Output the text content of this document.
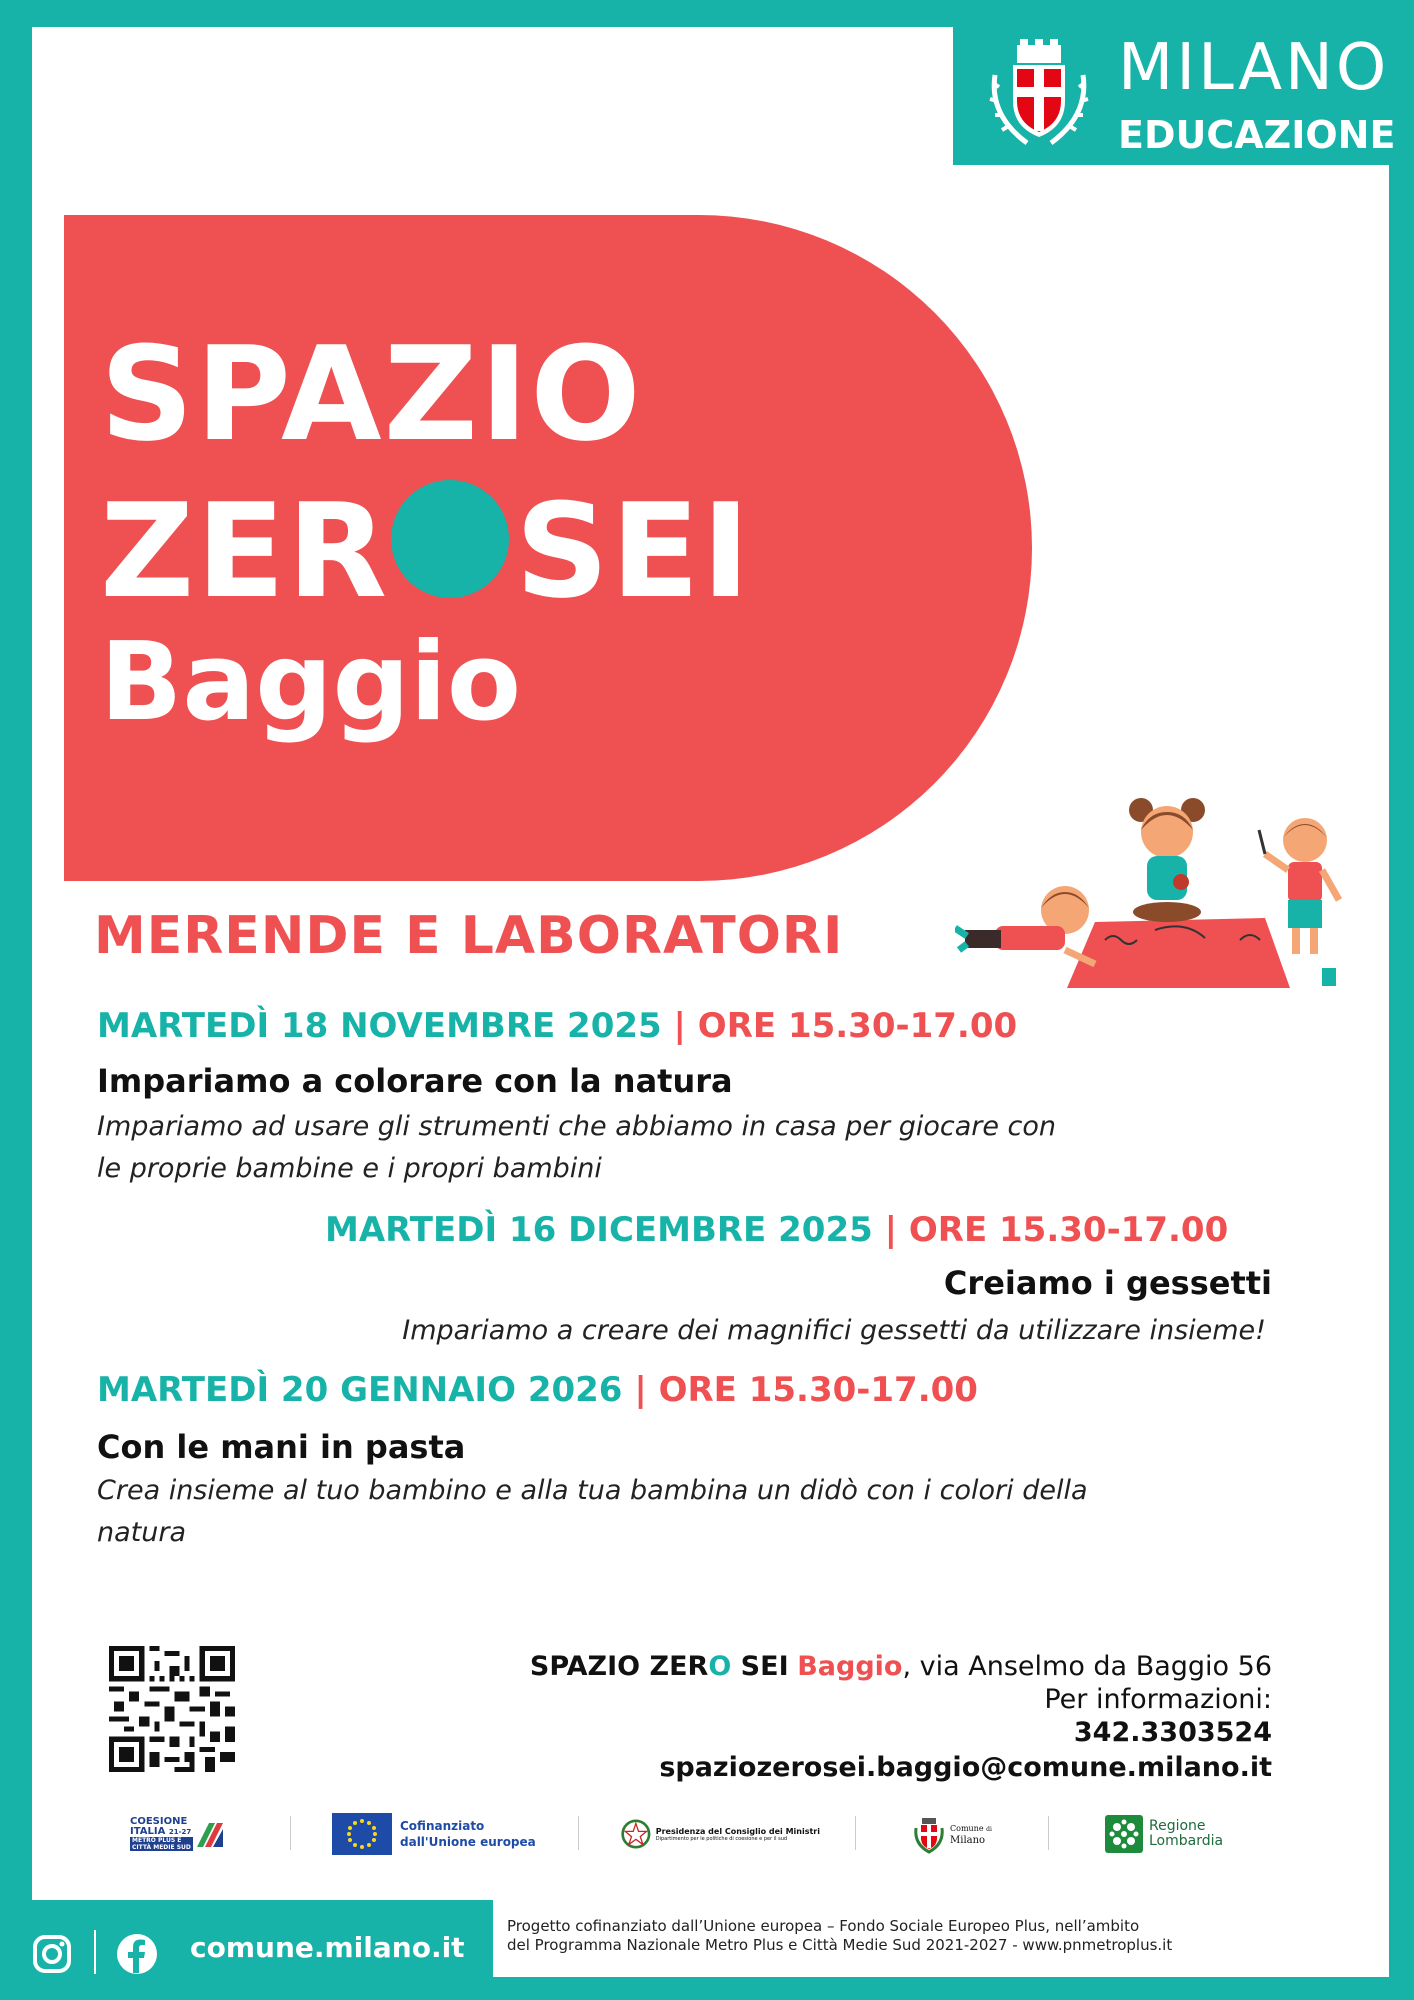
MILANO
EDUCAZIONE
SPAZIO
ZER SEI
Baggio
MERENDE E LABORATORI
MARTEDÌ 18 NOVEMBRE 2025 | ORE 15.30-17.00
Impariamo a colorare con la natura
Impariamo ad usare gli strumenti che abbiamo in casa per giocare con
le proprie bambine e i propri bambini
MARTEDÌ 16 DICEMBRE 2025 | ORE 15.30-17.00
Creiamo i gessetti
Impariamo a creare dei magnifici gessetti da utilizzare insieme!
MARTEDÌ 20 GENNAIO 2026 | ORE 15.30-17.00
Con le mani in pasta
Crea insieme al tuo bambino e alla tua bambina un didò con i colori della
natura
SPAZIO ZERO SEI Baggio, via Anselmo da Baggio 56
Per informazioni:
342.3303524
spaziozerosei.baggio@comune.milano.it
COESIONE
ITALIA 21-27
METRO PLUS E
CITTÀ MEDIE SUD
Cofinanziato
dall'Unione europea
Presidenza del Consiglio dei Ministri
Dipartimento per le politiche di coesione e per il sud
Comune di
Milano
Regione
Lombardia
comune.milano.it
Progetto cofinanziato dall’Unione europea – Fondo Sociale Europeo Plus, nell’ambito
del Programma Nazionale Metro Plus e Città Medie Sud 2021-2027 - www.pnmetroplus.it
